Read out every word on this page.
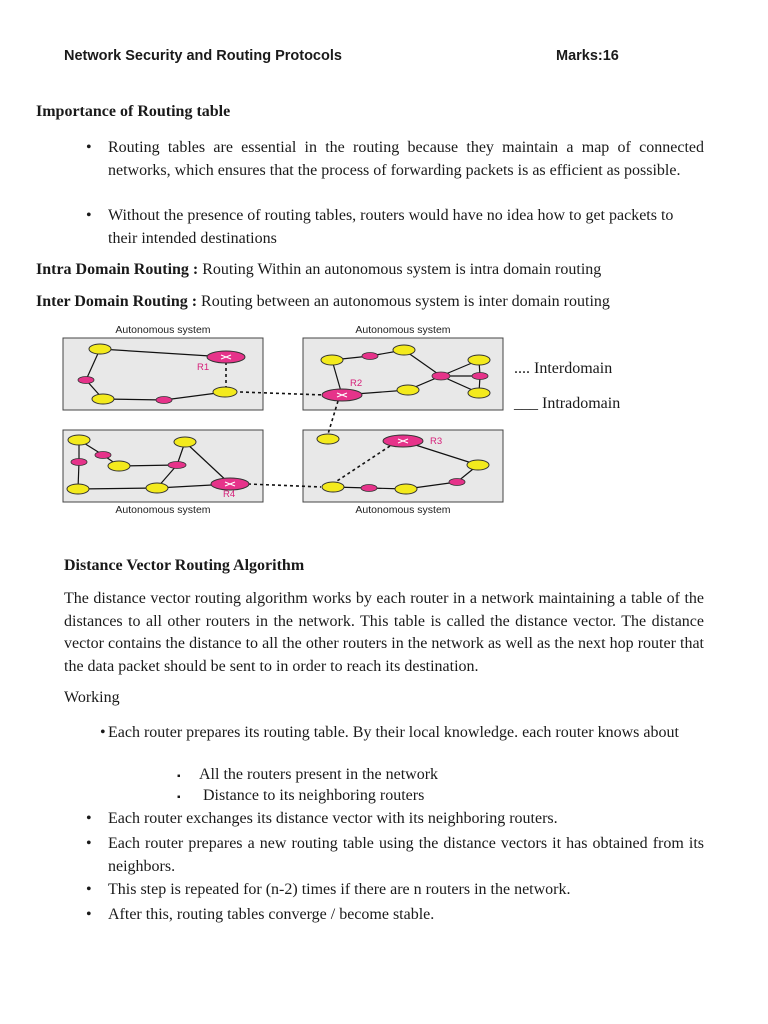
Network Security and Routing Protocols	Marks:16
Importance of Routing table
• Routing tables are essential in the routing because they maintain a map of connected networks, which ensures that the process of forwarding packets is as efficient as possible.
• Without the presence of routing tables, routers would have no idea how to get packets to their intended destinations
Intra Domain Routing : Routing Within an autonomous system is intra domain routing
Inter Domain Routing : Routing between an autonomous system is inter domain routing
Autonomous system	Autonomous system
Autonomous system	Autonomous system
R1
R2
R3
R4
.... Interdomain
___ Intradomain
Distance Vector Routing Algorithm
The distance vector routing algorithm works by each router in a network maintaining a table of the distances to all other routers in the network. This table is called the distance vector. The distance vector contains the distance to all the other routers in the network as well as the next hop router that the data packet should be sent to in order to reach its destination.
Working
• Each router prepares its routing table. By their local knowledge. each router knows about
▪ All the routers present in the network
▪ Distance to its neighboring routers
• Each router exchanges its distance vector with its neighboring routers.
• Each router prepares a new routing table using the distance vectors it has obtained from its neighbors.
• This step is repeated for (n-2) times if there are n routers in the network.
• After this, routing tables converge / become stable.
